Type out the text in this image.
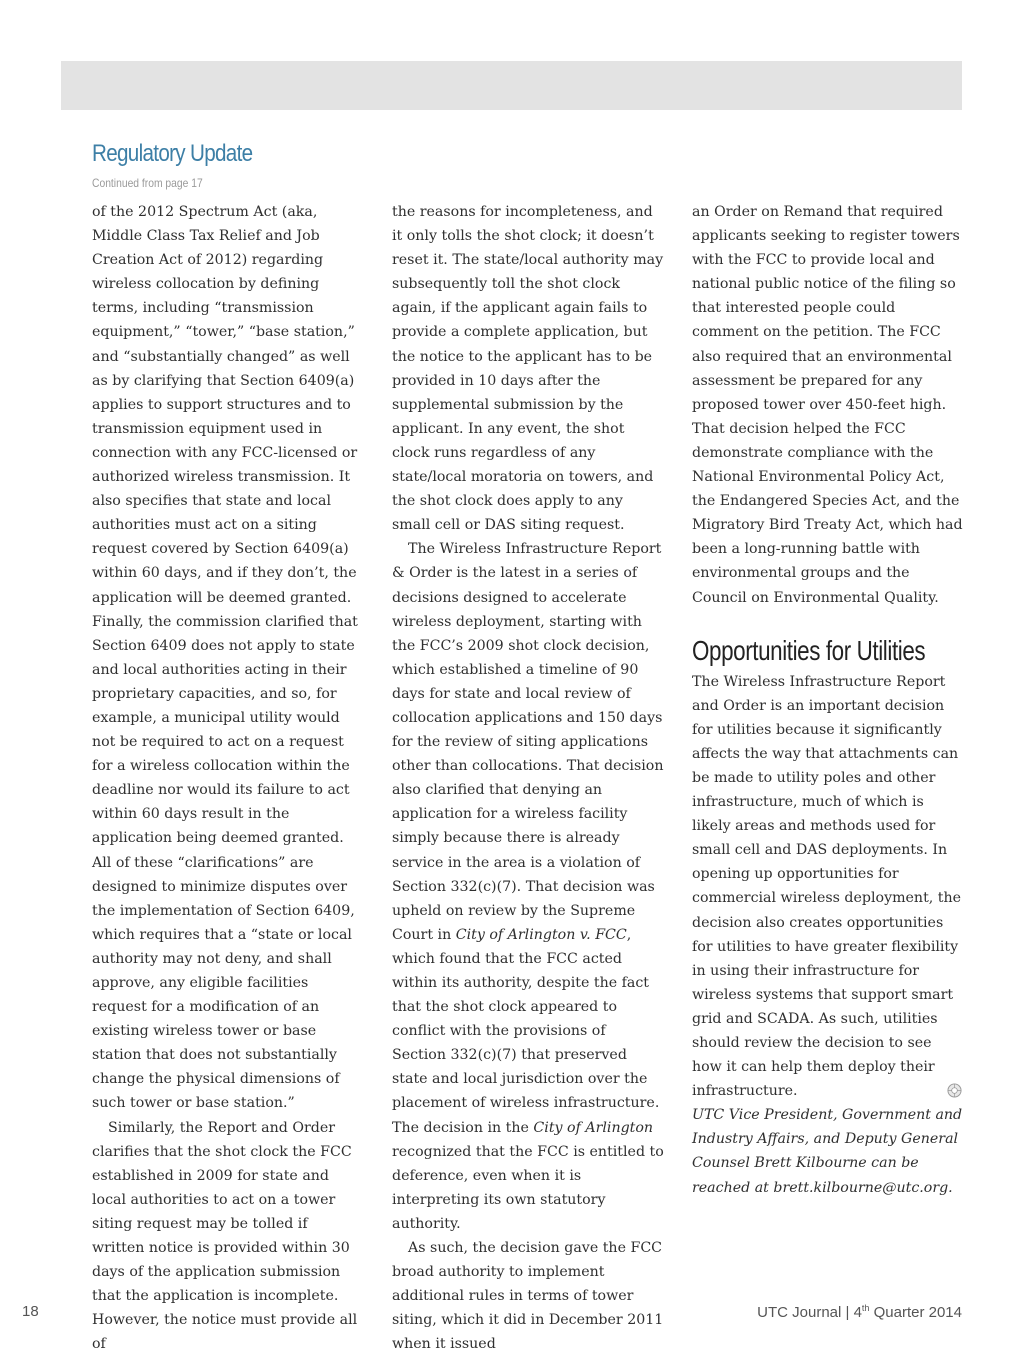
Regulatory Update
Continued from page 17

of the 2012 Spectrum Act (aka, Middle Class Tax Relief and Job Creation Act of 2012) regarding wireless collocation by defining terms, including “transmission equipment,” “tower,” “base station,” and “substantially changed” as well as by clarifying that Section 6409(a) applies to support structures and to transmission equipment used in connection with any FCC-licensed or authorized wireless transmission. It also specifies that state and local authorities must act on a siting request covered by Section 6409(a) within 60 days, and if they don’t, the application will be deemed granted. Finally, the commission clarified that Section 6409 does not apply to state and local authorities acting in their proprietary capacities, and so, for example, a municipal utility would not be required to act on a request for a wireless collocation within the deadline nor would its failure to act within 60 days result in the application being deemed granted. All of these “clarifications” are designed to minimize disputes over the implementation of Section 6409, which requires that a “state or local authority may not deny, and shall approve, any eligible facilities request for a modification of an existing wireless tower or base station that does not substantially change the physical dimensions of such tower or base station.”

Similarly, the Report and Order clarifies that the shot clock the FCC established in 2009 for state and local authorities to act on a tower siting request may be tolled if written notice is provided within 30 days of the application submission that the application is incomplete. However, the notice must provide all of

the reasons for incompleteness, and it only tolls the shot clock; it doesn’t reset it. The state/local authority may subsequently toll the shot clock again, if the applicant again fails to provide a complete application, but the notice to the applicant has to be provided in 10 days after the supplemental submission by the applicant. In any event, the shot clock runs regardless of any state/local moratoria on towers, and the shot clock does apply to any small cell or DAS siting request.

The Wireless Infrastructure Report & Order is the latest in a series of decisions designed to accelerate wireless deployment, starting with the FCC’s 2009 shot clock decision, which established a timeline of 90 days for state and local review of collocation applications and 150 days for the review of siting applications other than collocations. That decision also clarified that denying an application for a wireless facility simply because there is already service in the area is a violation of Section 332(c)(7). That decision was upheld on review by the Supreme Court in City of Arlington v. FCC, which found that the FCC acted within its authority, despite the fact that the shot clock appeared to conflict with the provisions of Section 332(c)(7) that preserved state and local jurisdiction over the placement of wireless infrastructure. The decision in the City of Arlington recognized that the FCC is entitled to deference, even when it is interpreting its own statutory authority.

As such, the decision gave the FCC broad authority to implement additional rules in terms of tower siting, which it did in December 2011 when it issued

an Order on Remand that required applicants seeking to register towers with the FCC to provide local and national public notice of the filing so that interested people could comment on the petition. The FCC also required that an environmental assessment be prepared for any proposed tower over 450-feet high. That decision helped the FCC demonstrate compliance with the National Environmental Policy Act, the Endangered Species Act, and the Migratory Bird Treaty Act, which had been a long-running battle with environmental groups and the Council on Environmental Quality.

Opportunities for Utilities

The Wireless Infrastructure Report and Order is an important decision for utilities because it significantly affects the way that attachments can be made to utility poles and other infrastructure, much of which is likely areas and methods used for small cell and DAS deployments. In opening up opportunities for commercial wireless deployment, the decision also creates opportunities for utilities to have greater flexibility in using their infrastructure for wireless systems that support smart grid and SCADA. As such, utilities should review the decision to see how it can help them deploy their infrastructure.

UTC Vice President, Government and Industry Affairs, and Deputy General Counsel Brett Kilbourne can be reached at brett.kilbourne@utc.org.

18	UTC Journal | 4th Quarter 2014
